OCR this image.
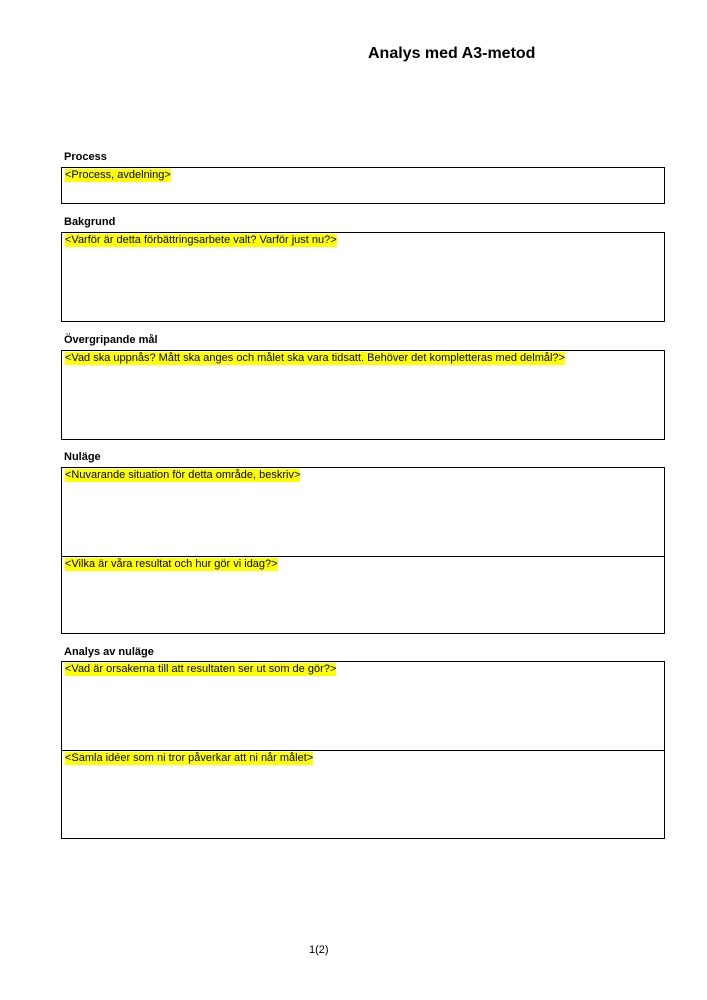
Analys med A3-metod
Process
<Process, avdelning>
Bakgrund
<Varför är detta förbättringsarbete valt? Varför just nu?>
Övergripande mål
<Vad ska uppnås? Mått ska anges och målet ska vara tidsatt. Behöver det kompletteras med delmål?>
Nuläge
<Nuvarande situation för detta område, beskriv>
<Vilka är våra resultat och hur gör vi idag?>
Analys av nuläge
<Vad är orsakerna till att resultaten ser ut som de gör?>
<Samla idéer som ni tror påverkar att ni når målet>
1(2)
